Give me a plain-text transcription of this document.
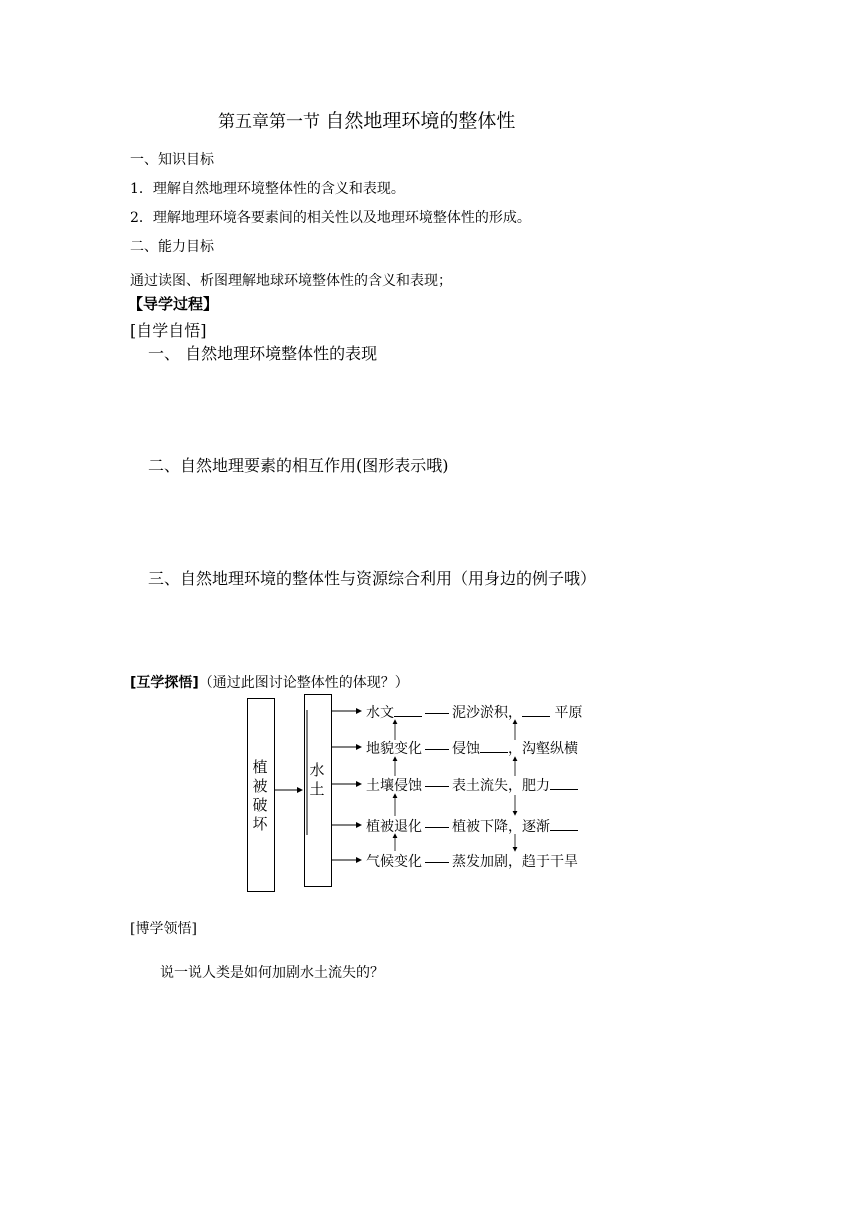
第五章第一节 自然地理环境的整体性
一、知识目标
1．理解自然地理环境整体性的含义和表现。
2．理解地理环境各要素间的相关性以及地理环境整体性的形成。
二、能力目标
通过读图、析图理解地球环境整体性的含义和表现；
【导学过程】
[自学自悟]
一、 自然地理环境整体性的表现
二、自然地理要素的相互作用(图形表示哦)
三、自然地理环境的整体性与资源综合利用（用身边的例子哦）
[互学探悟]（通过此图讨论整体性的体现？）
植
被
破
坏
水
土
水文	泥沙淤积， 平原
地貌变化 侵蚀 ，沟壑纵横
土壤侵蚀 表土流失，肥力
植被退化 植被下降，逐渐
气候变化 蒸发加剧，趋于干旱
[博学领悟]
说一说人类是如何加剧水土流失的？
